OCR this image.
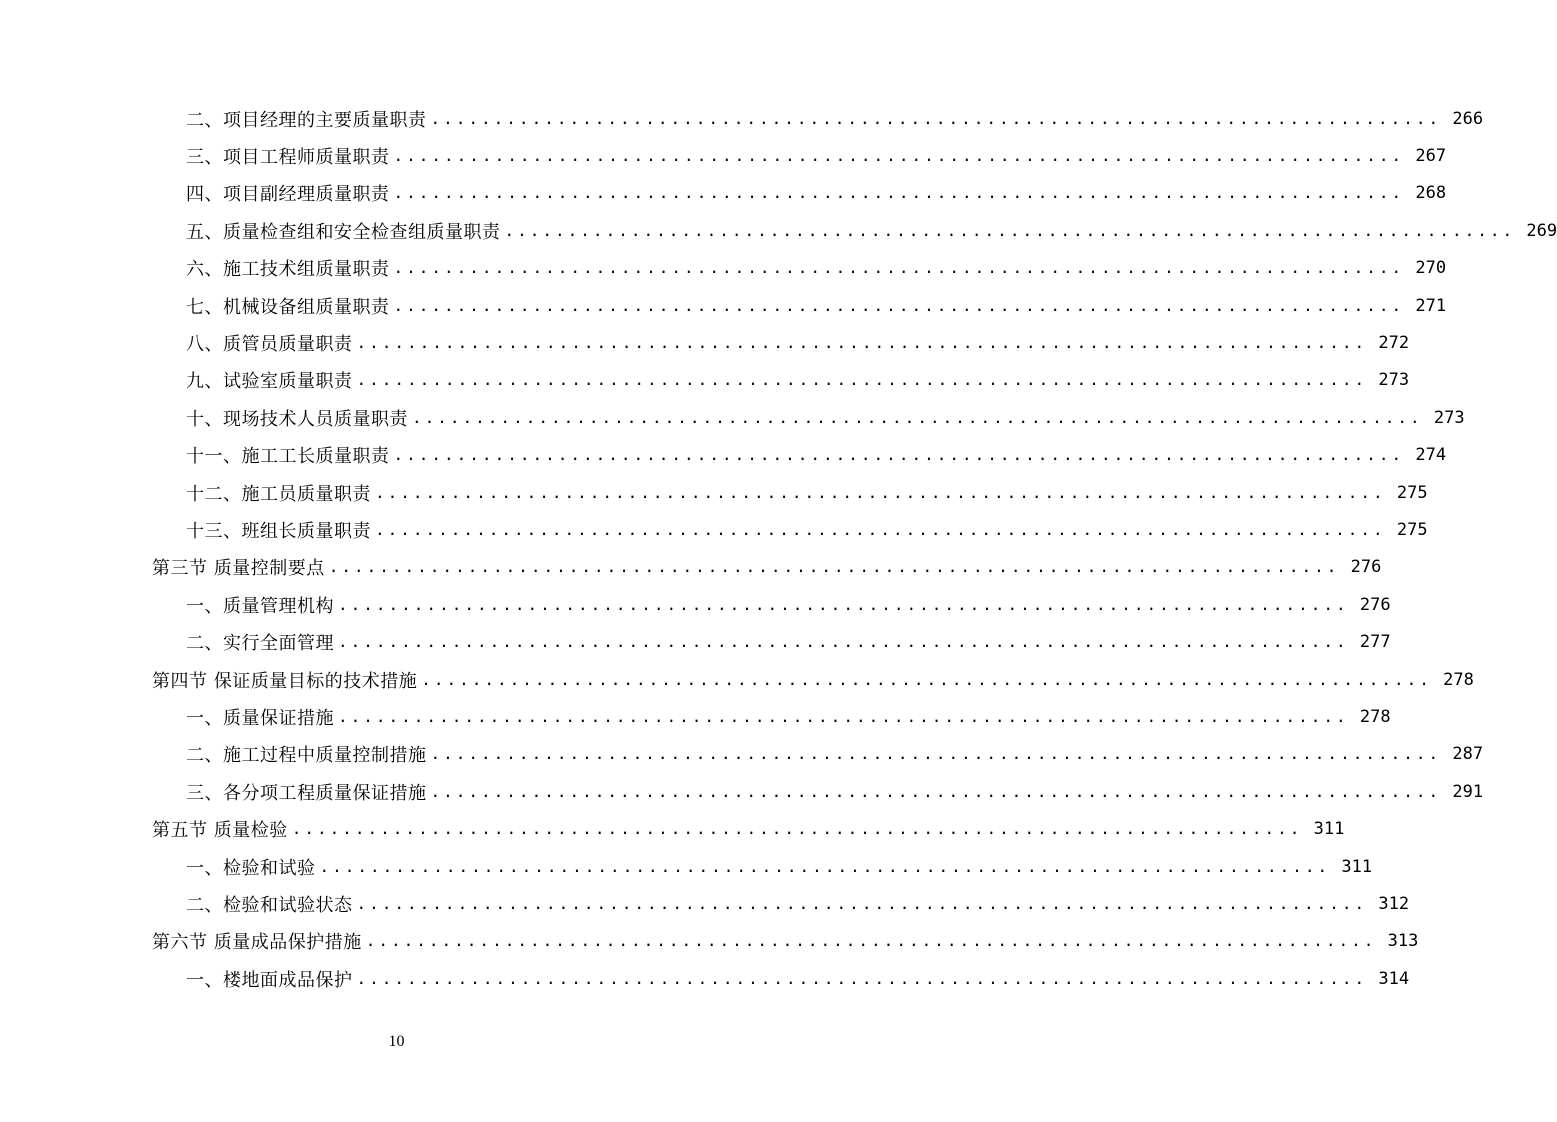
二、项目经理的主要质量职责 ................................................................................ 266
三、项目工程师质量职责 ................................................................................ 267
四、项目副经理质量职责 ................................................................................ 268
五、质量检查组和安全检查组质量职责 ................................................................................ 269
六、施工技术组质量职责 ................................................................................ 270
七、机械设备组质量职责 ................................................................................ 271
八、质管员质量职责 ................................................................................ 272
九、试验室质量职责 ................................................................................ 273
十、现场技术人员质量职责 ................................................................................ 273
十一、施工工长质量职责 ................................................................................ 274
十二、施工员质量职责 ................................................................................ 275
十三、班组长质量职责 ................................................................................ 275
第三节 质量控制要点 ................................................................................ 276
一、质量管理机构 ................................................................................ 276
二、实行全面管理 ................................................................................ 277
第四节 保证质量目标的技术措施 ................................................................................ 278
一、质量保证措施 ................................................................................ 278
二、施工过程中质量控制措施 ................................................................................ 287
三、各分项工程质量保证措施 ................................................................................ 291
第五节 质量检验 ................................................................................ 311
一、检验和试验 ................................................................................ 311
二、检验和试验状态 ................................................................................ 312
第六节 质量成品保护措施 ................................................................................ 313
一、楼地面成品保护 ................................................................................ 314
10
